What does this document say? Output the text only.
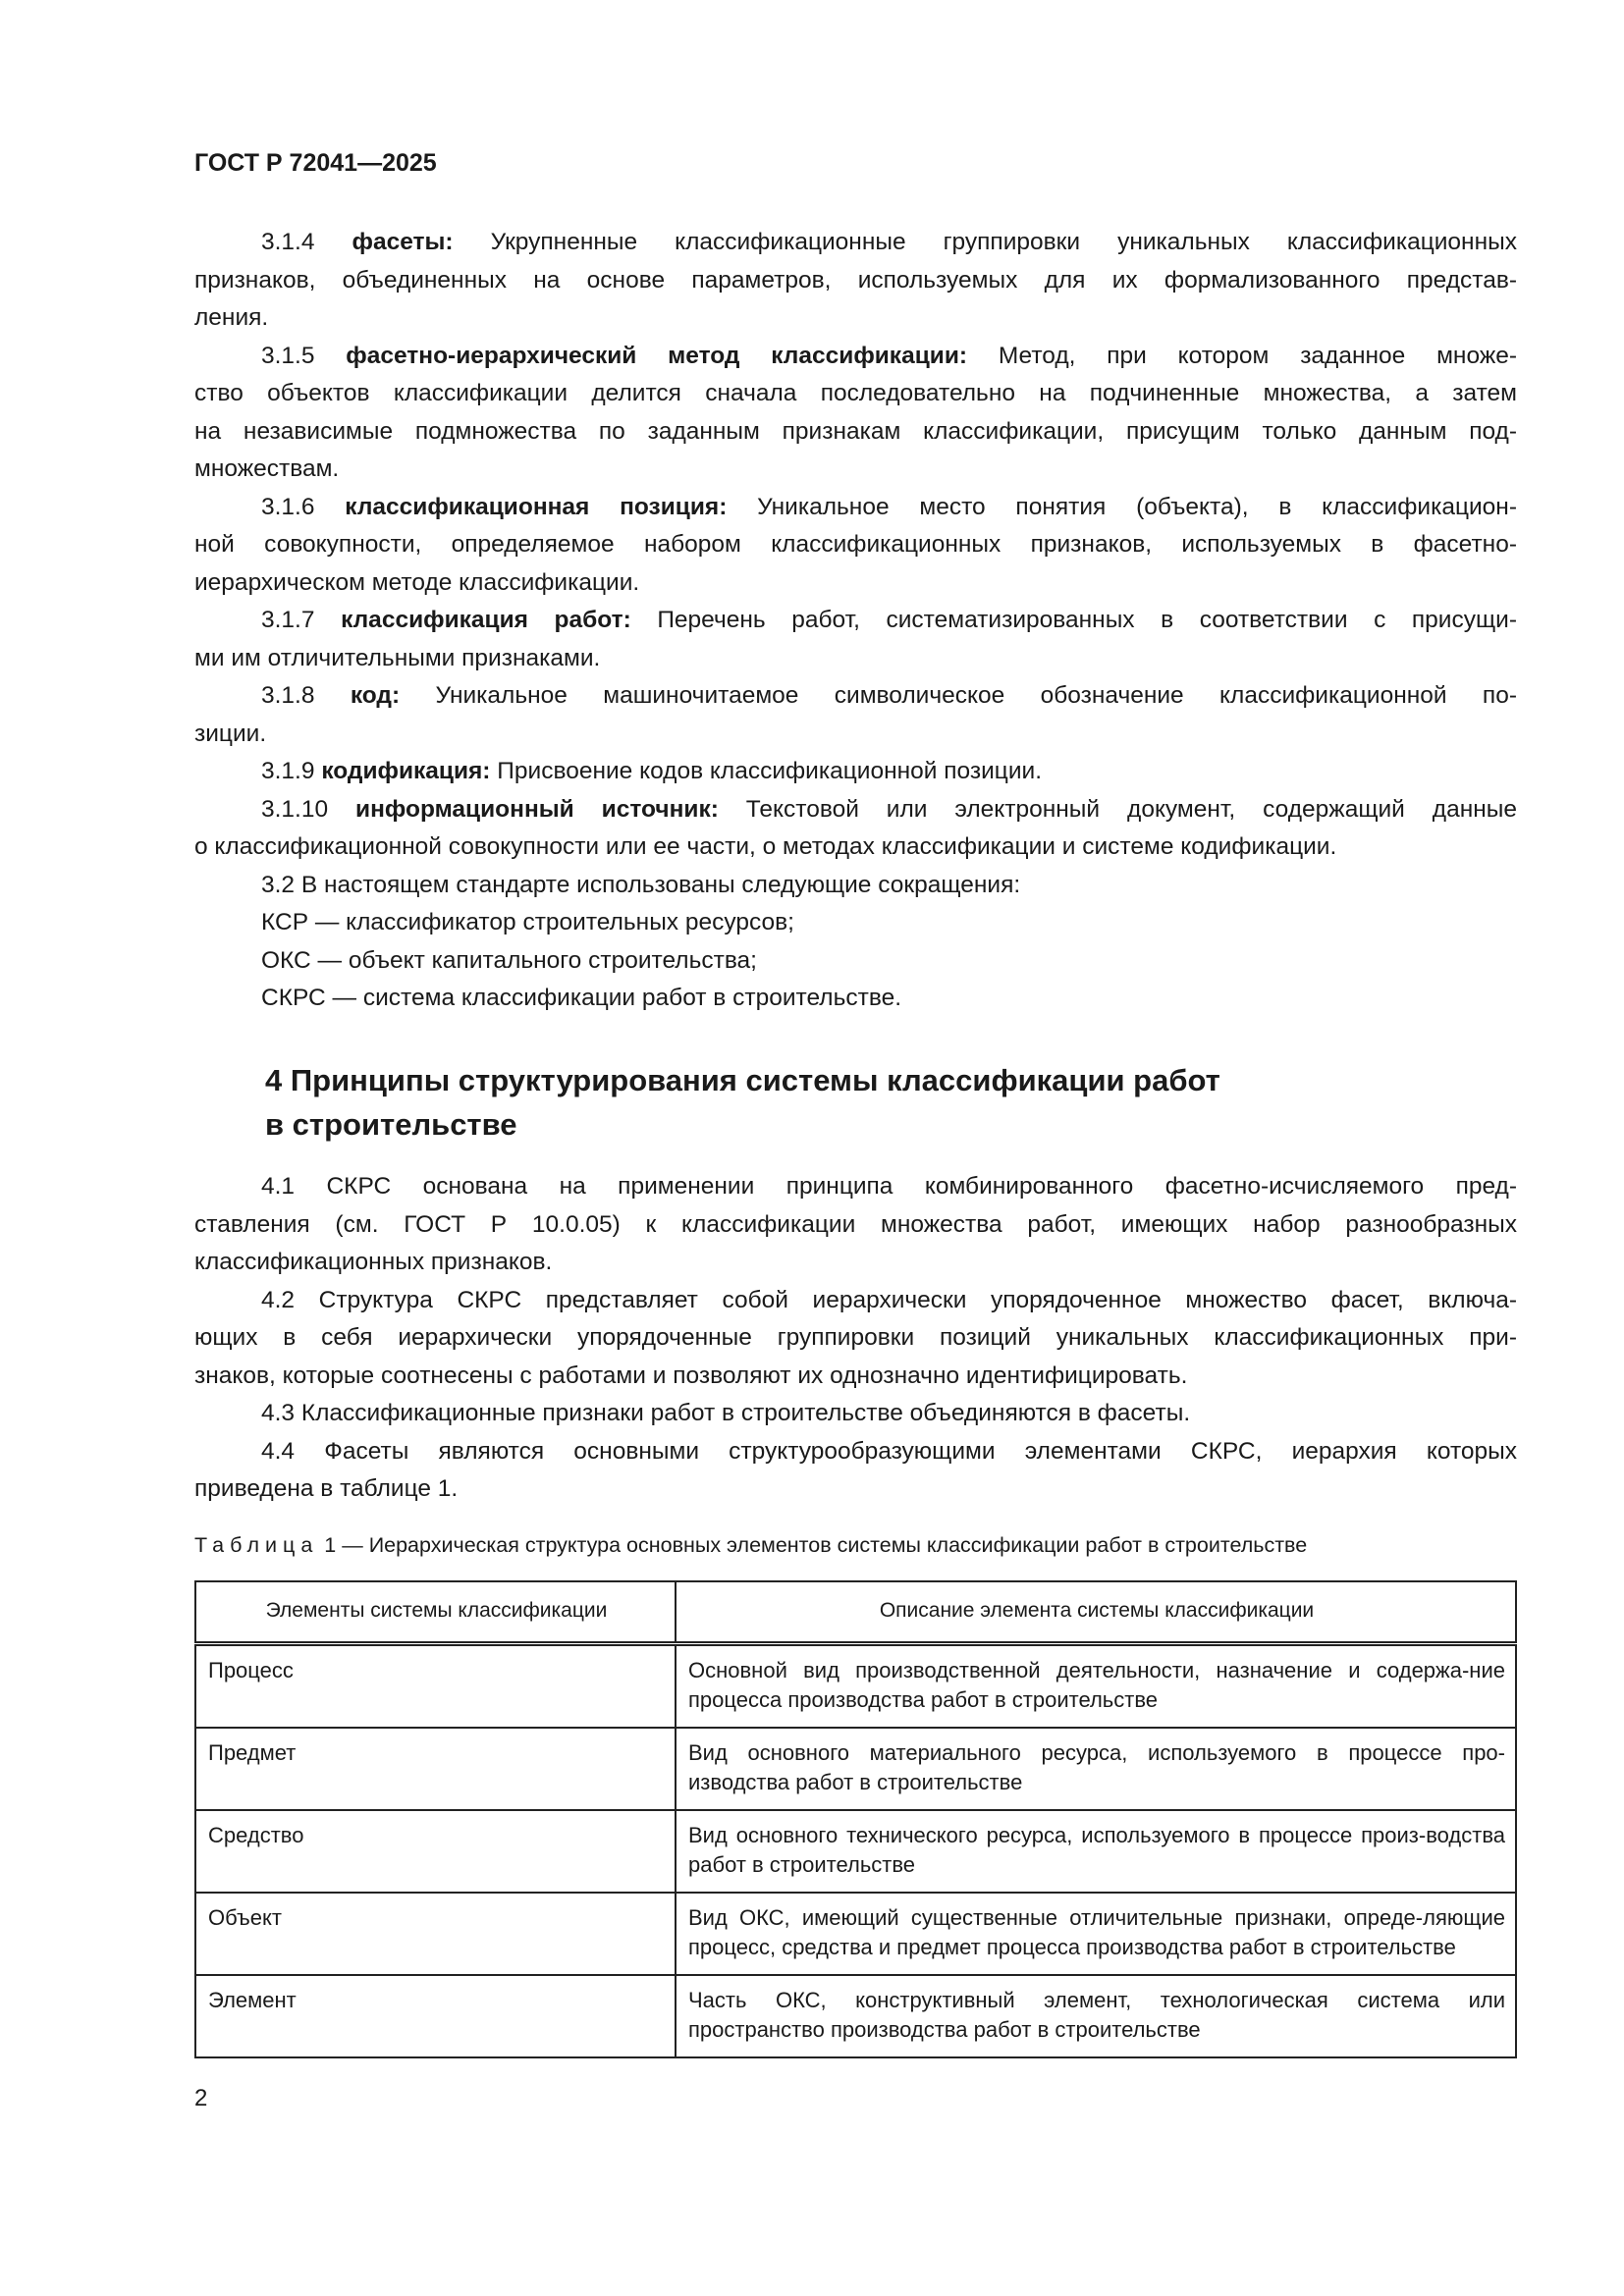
ГОСТ Р 72041—2025
3.1.4 фасеты: Укрупненные классификационные группировки уникальных классификационных
признаков, объединенных на основе параметров, используемых для их формализованного представ-
ления.
3.1.5 фасетно-иерархический метод классификации: Метод, при котором заданное множе-
ство объектов классификации делится сначала последовательно на подчиненные множества, а затем
на независимые подмножества по заданным признакам классификации, присущим только данным под-
множествам.
3.1.6 классификационная позиция: Уникальное место понятия (объекта), в классификацион-
ной совокупности, определяемое набором классификационных признаков, используемых в фасетно-
иерархическом методе классификации.
3.1.7 классификация работ: Перечень работ, систематизированных в соответствии с присущи-
ми им отличительными признаками.
3.1.8 код: Уникальное машиночитаемое символическое обозначение классификационной по-
зиции.
3.1.9 кодификация: Присвоение кодов классификационной позиции.
3.1.10 информационный источник: Текстовой или электронный документ, содержащий данные
о классификационной совокупности или ее части, о методах классификации и системе кодификации.
3.2 В настоящем стандарте использованы следующие сокращения:
КСР — классификатор строительных ресурсов;
ОКС — объект капитального строительства;
СКРС — система классификации работ в строительстве.
4 Принципы структурирования системы классификации работ
в строительстве
4.1 СКРС основана на применении принципа комбинированного фасетно-исчисляемого пред-
ставления (см. ГОСТ Р 10.0.05) к классификации множества работ, имеющих набор разнообразных
классификационных признаков.
4.2 Структура СКРС представляет собой иерархически упорядоченное множество фасет, включа-
ющих в себя иерархически упорядоченные группировки позиций уникальных классификационных при-
знаков, которые соотнесены с работами и позволяют их однозначно идентифицировать.
4.3 Классификационные признаки работ в строительстве объединяются в фасеты.
4.4 Фасеты являются основными структурообразующими элементами СКРС, иерархия которых
приведена в таблице 1.
Таблица 1 — Иерархическая структура основных элементов системы классификации работ в строительстве
Элементы системы классификации	Описание элемента системы классификации
Процесс	Основной вид производственной деятельности, назначение и содержа-ние процесса производства работ в строительстве
Предмет	Вид основного материального ресурса, используемого в процессе про-изводства работ в строительстве
Средство	Вид основного технического ресурса, используемого в процессе произ-водства работ в строительстве
Объект	Вид ОКС, имеющий существенные отличительные признаки, опреде-ляющие процесс, средства и предмет процесса производства работ в строительстве
Элемент	Часть ОКС, конструктивный элемент, технологическая система или пространство производства работ в строительстве
2
